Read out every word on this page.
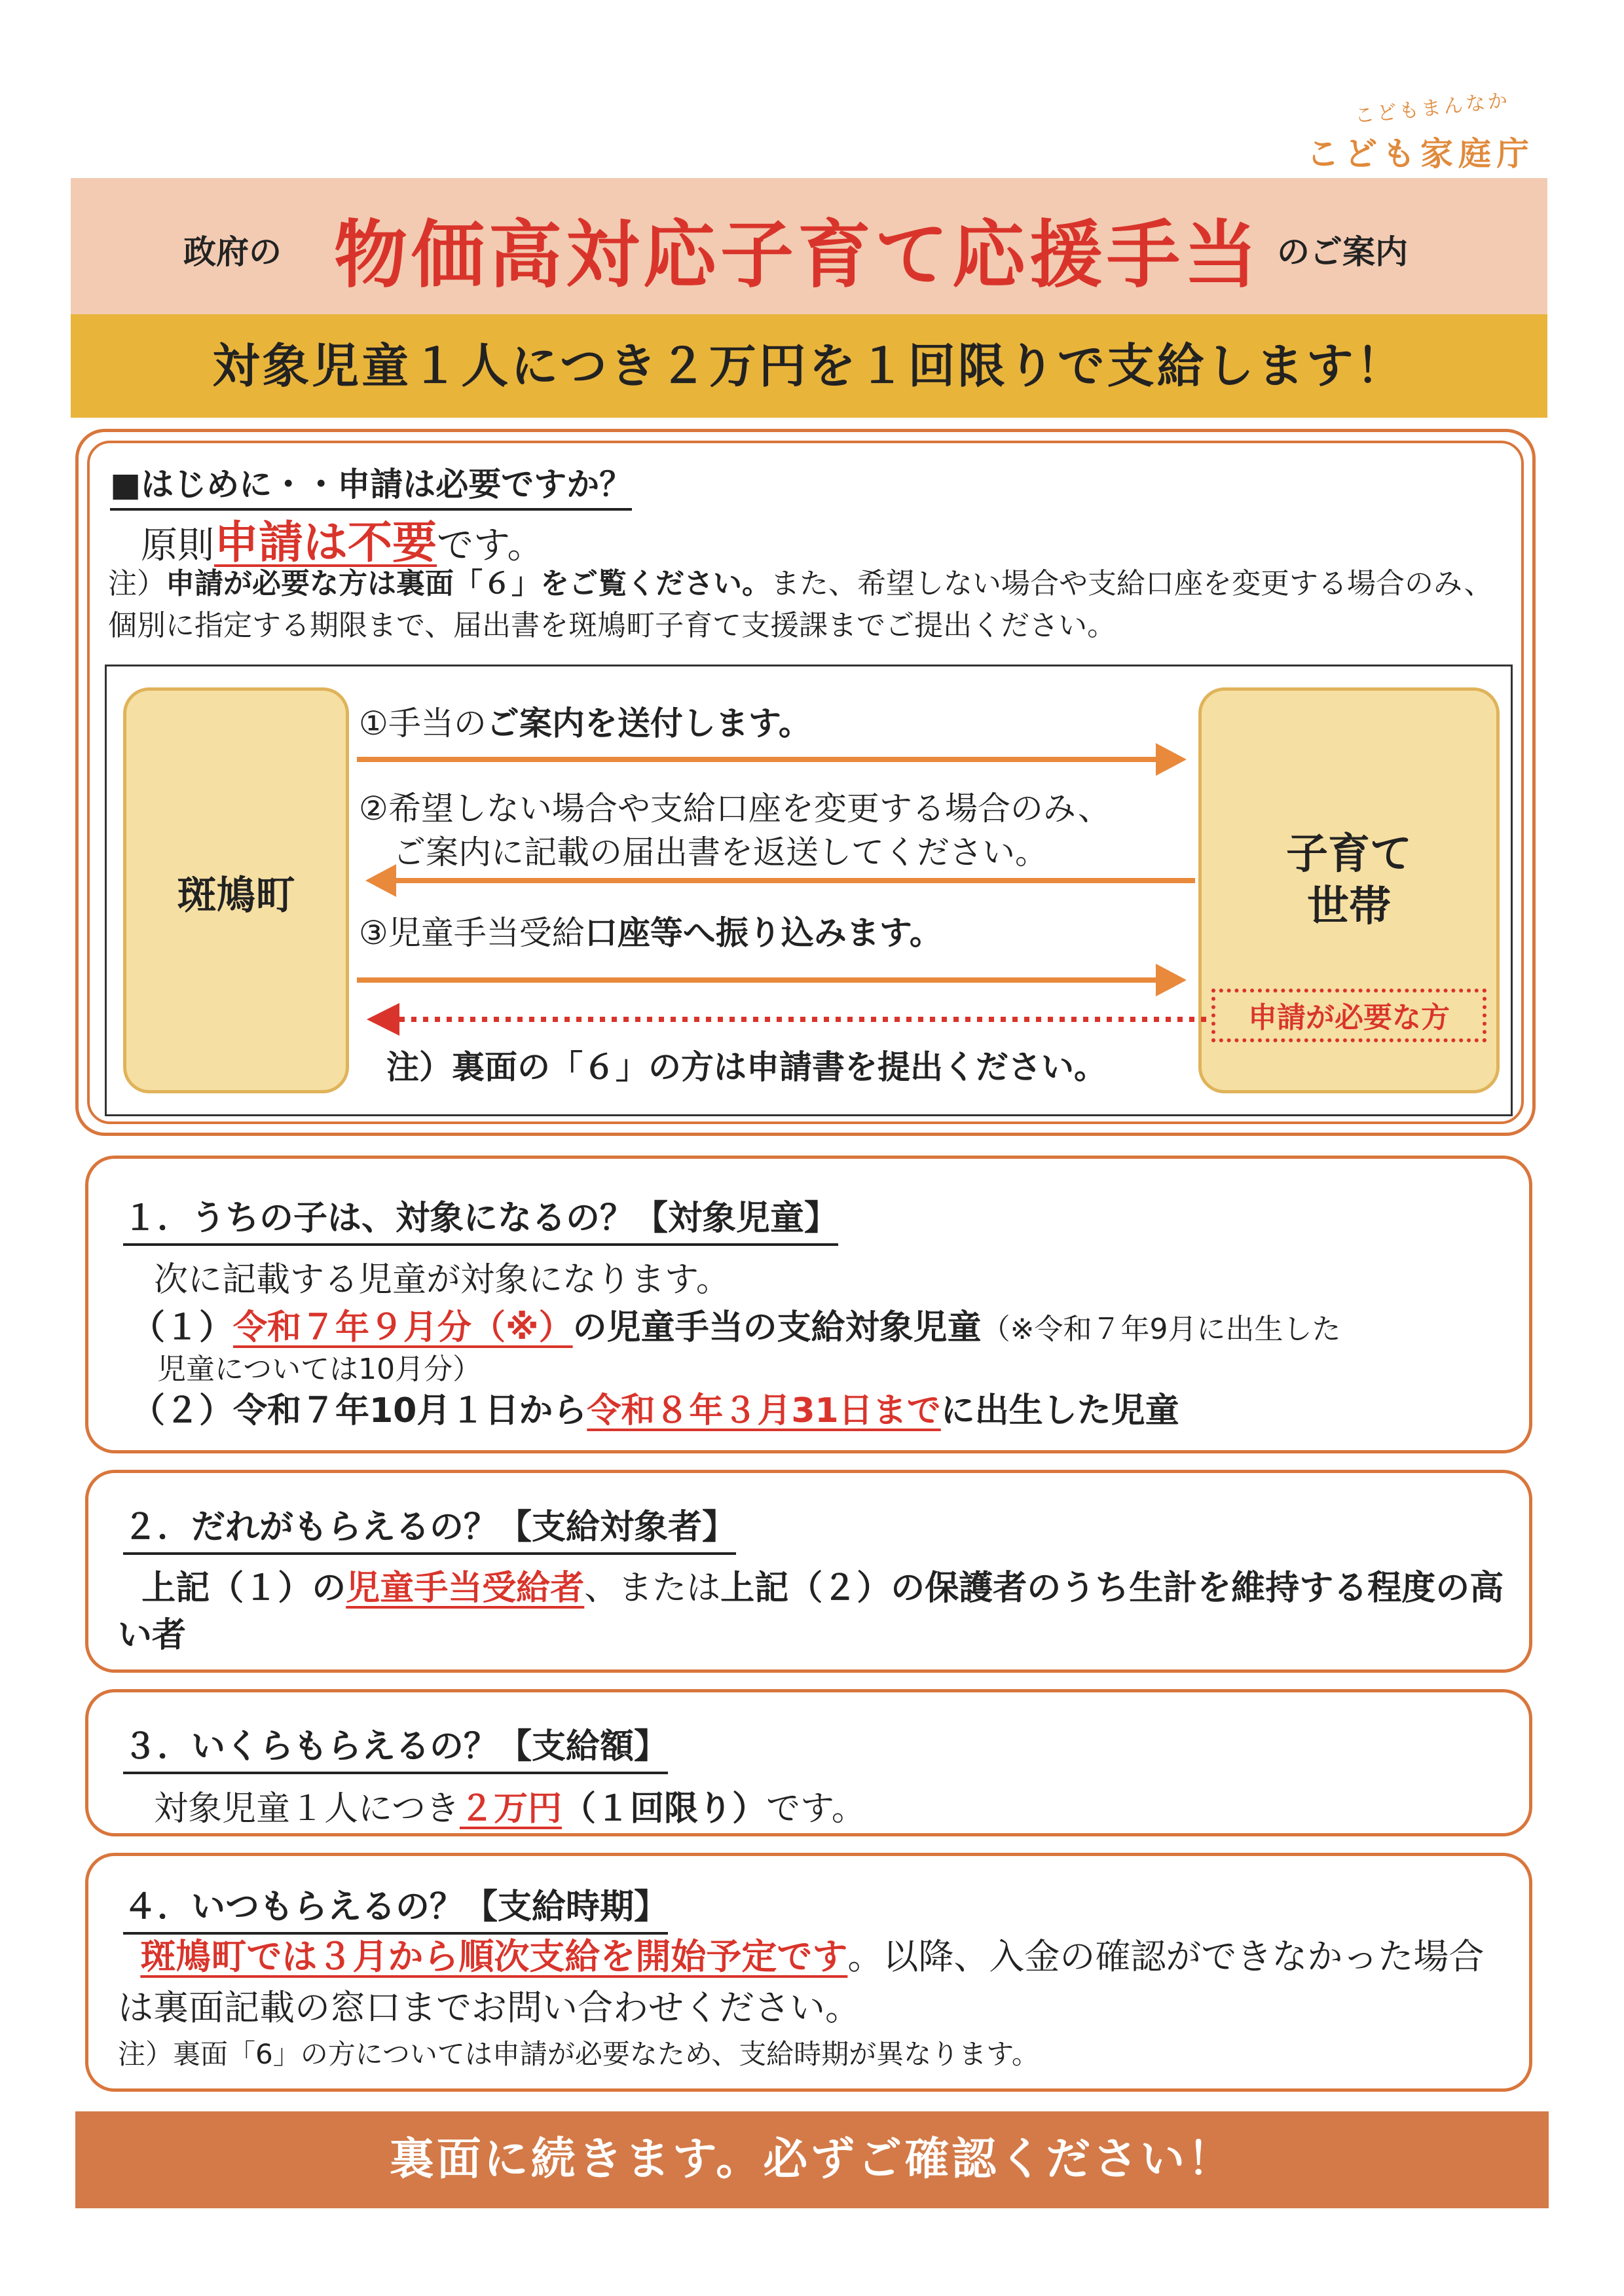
こどもまんなか
こども家庭庁
政府の 物価高対応子育て応援手当 のご案内
対象児童１人につき２万円を１回限りで支給します！
■はじめに・・申請は必要ですか？
原則申請は不要です。
注）申請が必要な方は裏面「６」をご覧ください。また、希望しない場合や支給口座を変更する場合のみ、個別に指定する期限まで、届出書を斑鳩町子育て支援課までご提出ください。
斑鳩町
子育て
世帯
申請が必要な方
①手当のご案内を送付します。
②希望しない場合や支給口座を変更する場合のみ、
ご案内に記載の届出書を返送してください。
③児童手当受給口座等へ振り込みます。
注）裏面の「６」の方は申請書を提出ください。
１．うちの子は、対象になるの？【対象児童】
次に記載する児童が対象になります。
（１）令和７年９月分（※）の児童手当の支給対象児童（※令和７年9月に出生した
児童については10月分）
（２）令和７年10月１日から令和８年３月31日までに出生した児童
２．だれがもらえるの？【支給対象者】
上記（１）の児童手当受給者、または上記（２）の保護者のうち生計を維持する程度の高い者
３．いくらもらえるの？【支給額】
対象児童１人につき２万円（１回限り）です。
４．いつもらえるの？【支給時期】
斑鳩町では３月から順次支給を開始予定です。以降、入金の確認ができなかった場合は裏面記載の窓口までお問い合わせください。
注）裏面「6」の方については申請が必要なため、支給時期が異なります。
裏面に続きます。必ずご確認ください！
